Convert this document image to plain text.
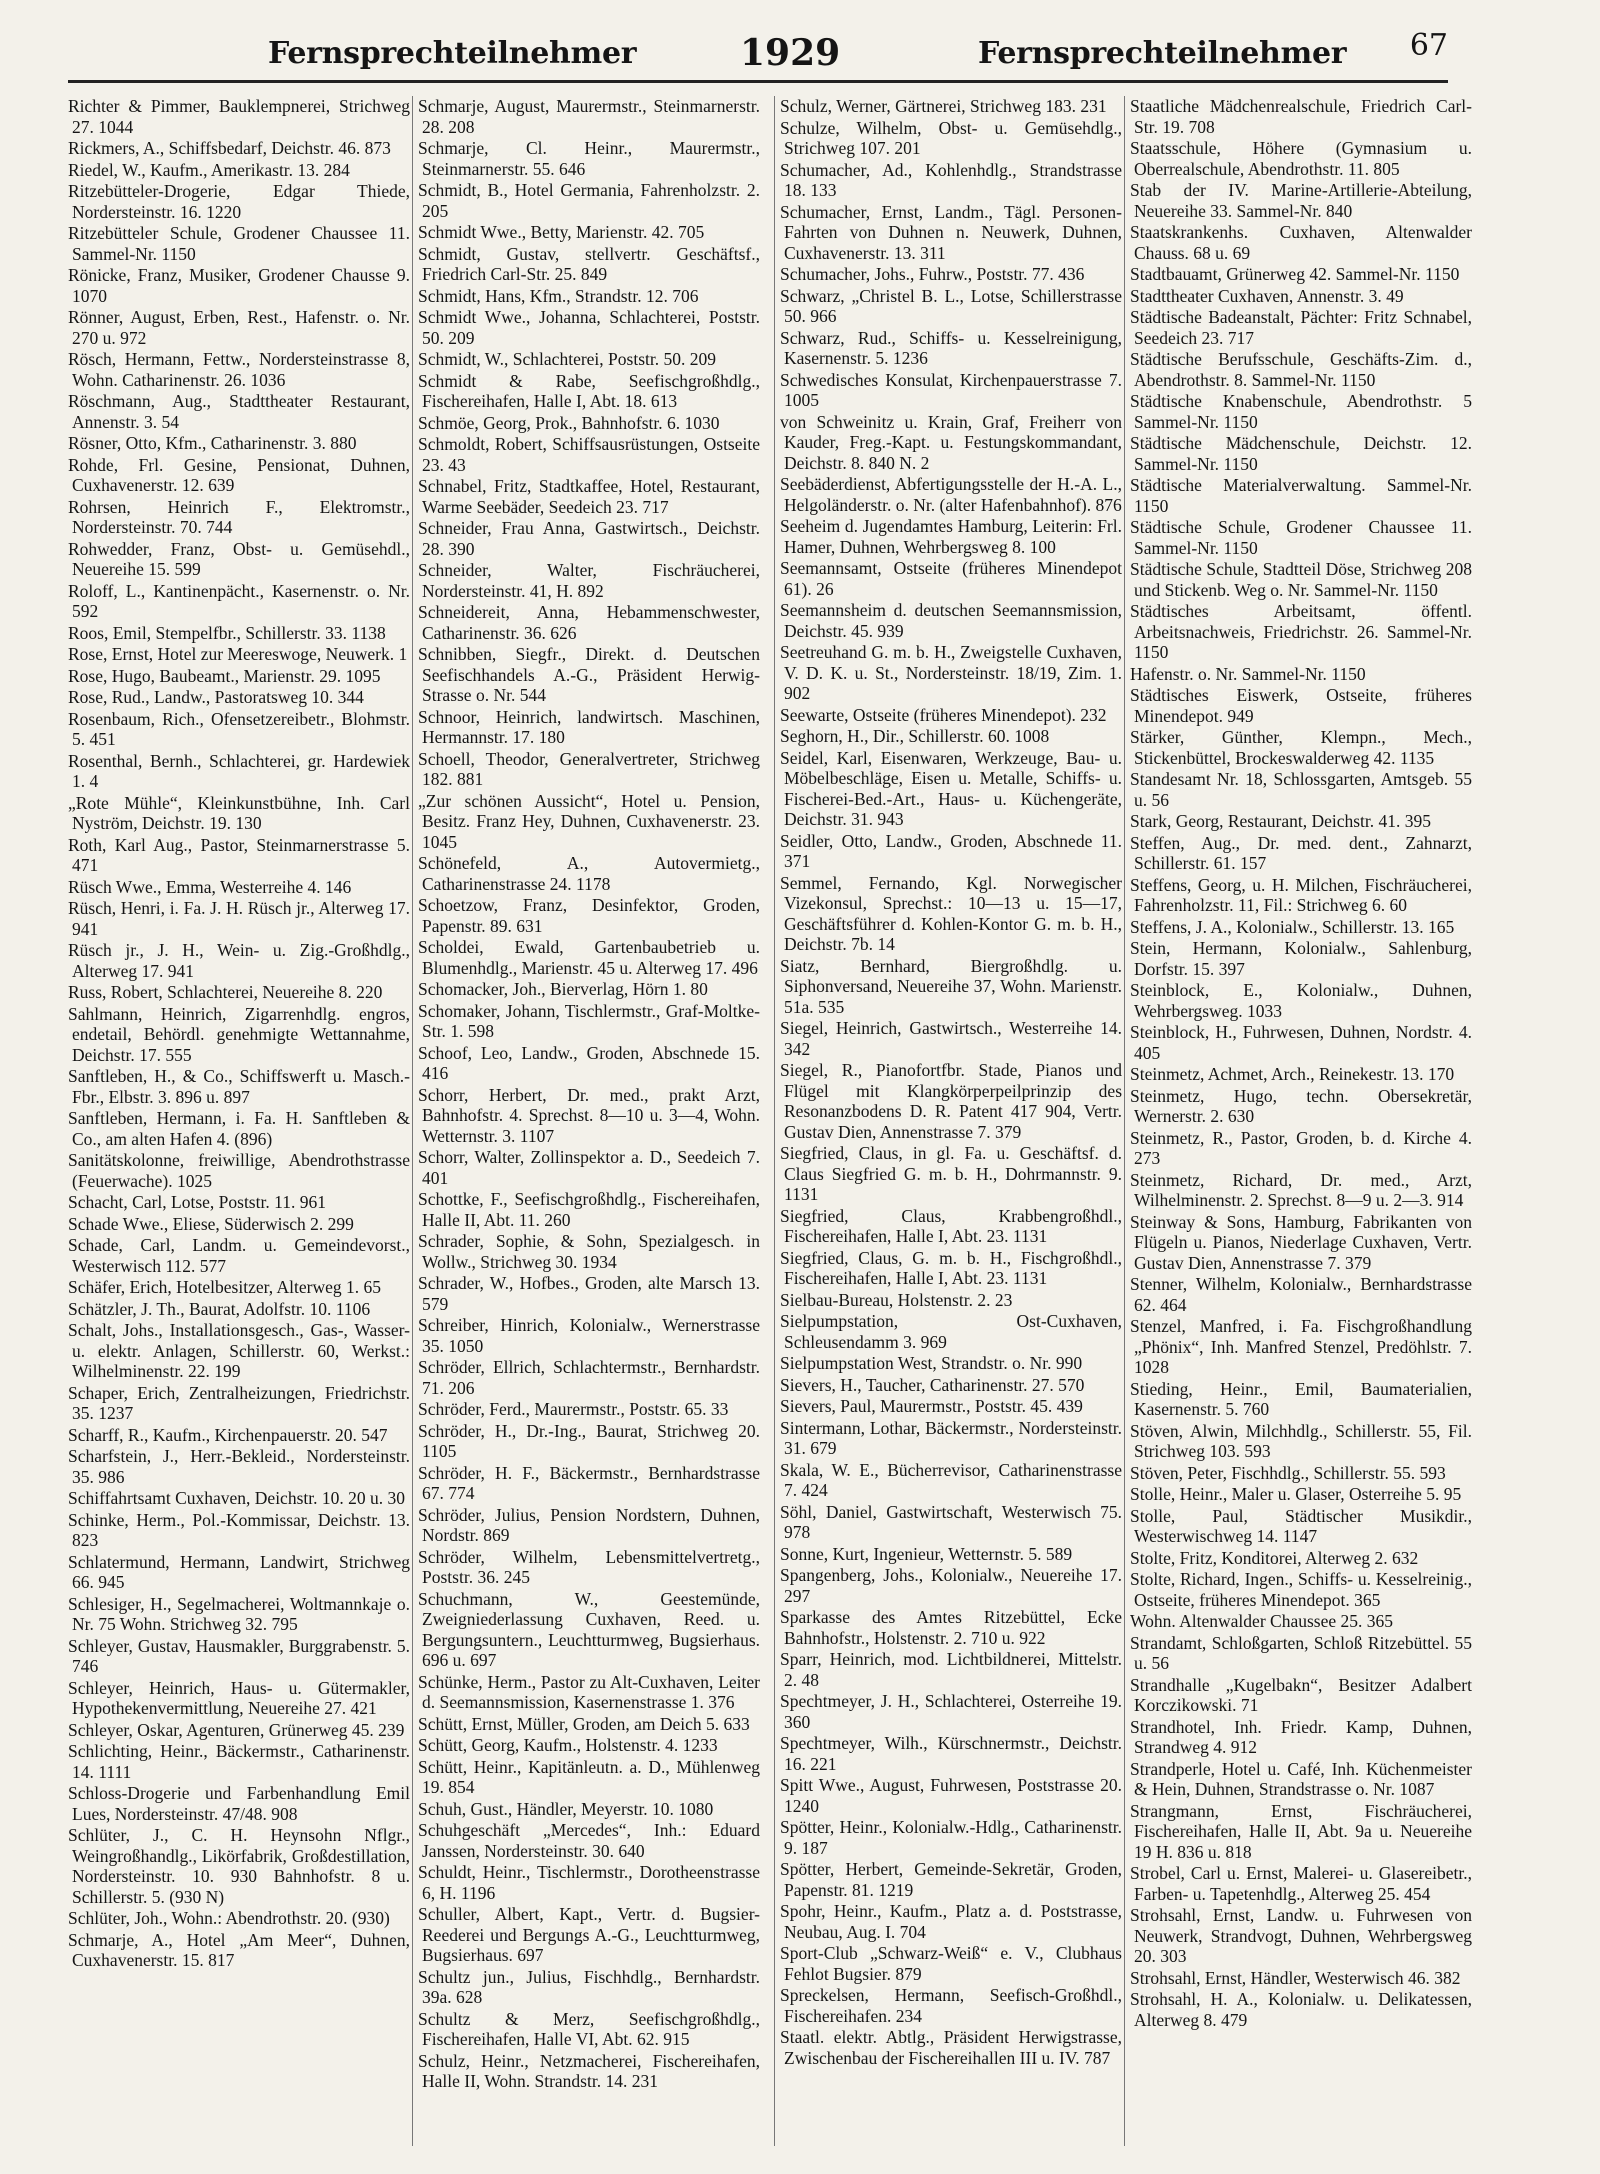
Fernsprechteilnehmer	1929	Fernsprechteilnehmer 67

Richter & Pimmer, Bauklempnerei, Strichweg 27. 1044

Rickmers, A., Schiffsbedarf, Deichstr. 46. 873

Riedel, W., Kaufm., Amerikastr. 13. 284

Ritzebütteler-Drogerie, Edgar Thiede, Nordersteinstr. 16. 1220

Ritzebütteler Schule, Grodener Chaussee 11. Sammel-Nr. 1150

Rönicke, Franz, Musiker, Grodener Chausse 9. 1070

Rönner, August, Erben, Rest., Hafenstr. o. Nr. 270 u. 972

Rösch, Hermann, Fettw., Nordersteinstrasse 8, Wohn. Catharinenstr. 26. 1036

Röschmann, Aug., Stadttheater Restaurant, Annenstr. 3. 54

Rösner, Otto, Kfm., Catharinenstr. 3. 880

Rohde, Frl. Gesine, Pensionat, Duhnen, Cuxhavenerstr. 12. 639

Rohrsen, Heinrich F., Elektromstr., Nordersteinstr. 70. 744

Rohwedder, Franz, Obst- u. Gemüsehdl., Neuereihe 15. 599

Roloff, L., Kantinenpächt., Kasernenstr. o. Nr. 592

Roos, Emil, Stempelfbr., Schillerstr. 33. 1138

Rose, Ernst, Hotel zur Meereswoge, Neuwerk. 1

Rose, Hugo, Baubeamt., Marienstr. 29. 1095

Rose, Rud., Landw., Pastoratsweg 10. 344

Rosenbaum, Rich., Ofensetzereibetr., Blohmstr. 5. 451

Rosenthal, Bernh., Schlachterei, gr. Hardewiek 1. 4

„Rote Mühle“, Kleinkunstbühne, Inh. Carl Nyström, Deichstr. 19. 130

Roth, Karl Aug., Pastor, Steinmarnerstrasse 5. 471

Rüsch Wwe., Emma, Westerreihe 4. 146

Rüsch, Henri, i. Fa. J. H. Rüsch jr., Alterweg 17. 941

Rüsch jr., J. H., Wein- u. Zig.-Großhdlg., Alterweg 17. 941

Russ, Robert, Schlachterei, Neuereihe 8. 220

Sahlmann, Heinrich, Zigarrenhdlg. engros, endetail, Behördl. genehmigte Wettannahme, Deichstr. 17. 555

Sanftleben, H., & Co., Schiffswerft u. Masch.-Fbr., Elbstr. 3. 896 u. 897

Sanftleben, Hermann, i. Fa. H. Sanftleben & Co., am alten Hafen 4. (896)

Sanitätskolonne, freiwillige, Abendrothstrasse (Feuerwache). 1025

Schacht, Carl, Lotse, Poststr. 11. 961

Schade Wwe., Eliese, Süderwisch 2. 299

Schade, Carl, Landm. u. Gemeindevorst., Westerwisch 112. 577

Schäfer, Erich, Hotelbesitzer, Alterweg 1. 65

Schätzler, J. Th., Baurat, Adolfstr. 10. 1106

Schalt, Johs., Installationsgesch., Gas-, Wasser- u. elektr. Anlagen, Schillerstr. 60, Werkst.: Wilhelminenstr. 22. 199

Schaper, Erich, Zentralheizungen, Friedrichstr. 35. 1237

Scharff, R., Kaufm., Kirchenpauerstr. 20. 547

Scharfstein, J., Herr.-Bekleid., Nordersteinstr. 35. 986

Schiffahrtsamt Cuxhaven, Deichstr. 10. 20 u. 30

Schinke, Herm., Pol.-Kommissar, Deichstr. 13. 823

Schlatermund, Hermann, Landwirt, Strichweg 66. 945

Schlesiger, H., Segelmacherei, Woltmannkaje o. Nr. 75 Wohn. Strichweg 32. 795

Schleyer, Gustav, Hausmakler, Burggrabenstr. 5. 746

Schleyer, Heinrich, Haus- u. Gütermakler, Hypothekenvermittlung, Neuereihe 27. 421

Schleyer, Oskar, Agenturen, Grünerweg 45. 239

Schlichting, Heinr., Bäckermstr., Catharinenstr. 14. 1111

Schloss-Drogerie und Farbenhandlung Emil Lues, Nordersteinstr. 47/48. 908

Schlüter, J., C. H. Heynsohn Nflgr., Weingroßhandlg., Likörfabrik, Großdestillation, Nordersteinstr. 10. 930 Bahnhofstr. 8 u. Schillerstr. 5. (930 N)

Schlüter, Joh., Wohn.: Abendrothstr. 20. (930)

Schmarje, A., Hotel „Am Meer“, Duhnen, Cuxhavenerstr. 15. 817

Schmarje, August, Maurermstr., Steinmarnerstr. 28. 208

Schmarje, Cl. Heinr., Maurermstr., Steinmarnerstr. 55. 646

Schmidt, B., Hotel Germania, Fahrenholzstr. 2. 205

Schmidt Wwe., Betty, Marienstr. 42. 705

Schmidt, Gustav, stellvertr. Geschäftsf., Friedrich Carl-Str. 25. 849

Schmidt, Hans, Kfm., Strandstr. 12. 706

Schmidt Wwe., Johanna, Schlachterei, Poststr. 50. 209

Schmidt, W., Schlachterei, Poststr. 50. 209

Schmidt & Rabe, Seefischgroßhdlg., Fischereihafen, Halle I, Abt. 18. 613

Schmöe, Georg, Prok., Bahnhofstr. 6. 1030

Schmoldt, Robert, Schiffsausrüstungen, Ostseite 23. 43

Schnabel, Fritz, Stadtkaffee, Hotel, Restaurant, Warme Seebäder, Seedeich 23. 717

Schneider, Frau Anna, Gastwirtsch., Deichstr. 28. 390

Schneider, Walter, Fischräucherei, Nordersteinstr. 41, H. 892

Schneidereit, Anna, Hebammenschwester, Catharinenstr. 36. 626

Schnibben, Siegfr., Direkt. d. Deutschen Seefischhandels A.-G., Präsident Herwig-Strasse o. Nr. 544

Schnoor, Heinrich, landwirtsch. Maschinen, Hermannstr. 17. 180

Schoell, Theodor, Generalvertreter, Strichweg 182. 881

„Zur schönen Aussicht“, Hotel u. Pension, Besitz. Franz Hey, Duhnen, Cuxhavenerstr. 23. 1045

Schönefeld, A., Autovermietg., Catharinenstrasse 24. 1178

Schoetzow, Franz, Desinfektor, Groden, Papenstr. 89. 631

Scholdei, Ewald, Gartenbaubetrieb u. Blumenhdlg., Marienstr. 45 u. Alterweg 17. 496

Schomacker, Joh., Bierverlag, Hörn 1. 80

Schomaker, Johann, Tischlermstr., Graf-Moltke-Str. 1. 598

Schoof, Leo, Landw., Groden, Abschnede 15. 416

Schorr, Herbert, Dr. med., prakt Arzt, Bahnhofstr. 4. Sprechst. 8—10 u. 3—4, Wohn. Wetternstr. 3. 1107

Schorr, Walter, Zollinspektor a. D., Seedeich 7. 401

Schottke, F., Seefischgroßhdlg., Fischereihafen, Halle II, Abt. 11. 260

Schrader, Sophie, & Sohn, Spezialgesch. in Wollw., Strichweg 30. 1934

Schrader, W., Hofbes., Groden, alte Marsch 13. 579

Schreiber, Hinrich, Kolonialw., Wernerstrasse 35. 1050

Schröder, Ellrich, Schlachtermstr., Bernhardstr. 71. 206

Schröder, Ferd., Maurermstr., Poststr. 65. 33

Schröder, H., Dr.-Ing., Baurat, Strichweg 20. 1105

Schröder, H. F., Bäckermstr., Bernhardstrasse 67. 774

Schröder, Julius, Pension Nordstern, Duhnen, Nordstr. 869

Schröder, Wilhelm, Lebensmittelvertretg., Poststr. 36. 245

Schuchmann, W., Geestemünde, Zweigniederlassung Cuxhaven, Reed. u. Bergungsuntern., Leuchtturmweg, Bugsierhaus. 696 u. 697

Schünke, Herm., Pastor zu Alt-Cuxhaven, Leiter d. Seemannsmission, Kasernenstrasse 1. 376

Schütt, Ernst, Müller, Groden, am Deich 5. 633

Schütt, Georg, Kaufm., Holstenstr. 4. 1233

Schütt, Heinr., Kapitänleutn. a. D., Mühlenweg 19. 854

Schuh, Gust., Händler, Meyerstr. 10. 1080

Schuhgeschäft „Mercedes“, Inh.: Eduard Janssen, Nordersteinstr. 30. 640

Schuldt, Heinr., Tischlermstr., Dorotheenstrasse 6, H. 1196

Schuller, Albert, Kapt., Vertr. d. Bugsier-Reederei und Bergungs A.-G., Leuchtturmweg, Bugsierhaus. 697

Schultz jun., Julius, Fischhdlg., Bernhardstr. 39a. 628

Schultz & Merz, Seefischgroßhdlg., Fischereihafen, Halle VI, Abt. 62. 915

Schulz, Heinr., Netzmacherei, Fischereihafen, Halle II, Wohn. Strandstr. 14. 231

Schulz, Werner, Gärtnerei, Strichweg 183. 231

Schulze, Wilhelm, Obst- u. Gemüsehdlg., Strichweg 107. 201

Schumacher, Ad., Kohlenhdlg., Strandstrasse 18. 133

Schumacher, Ernst, Landm., Tägl. Personen-Fahrten von Duhnen n. Neuwerk, Duhnen, Cuxhavenerstr. 13. 311

Schumacher, Johs., Fuhrw., Poststr. 77. 436

Schwarz, „Christel B. L., Lotse, Schillerstrasse 50. 966

Schwarz, Rud., Schiffs- u. Kesselreinigung, Kasernenstr. 5. 1236

Schwedisches Konsulat, Kirchenpauerstrasse 7. 1005

von Schweinitz u. Krain, Graf, Freiherr von Kauder, Freg.-Kapt. u. Festungskommandant, Deichstr. 8. 840 N. 2

Seebäderdienst, Abfertigungsstelle der H.-A. L., Helgoländerstr. o. Nr. (alter Hafenbahnhof). 876

Seeheim d. Jugendamtes Hamburg, Leiterin: Frl. Hamer, Duhnen, Wehrbergsweg 8. 100

Seemannsamt, Ostseite (früheres Minendepot 61). 26

Seemannsheim d. deutschen Seemannsmission, Deichstr. 45. 939

Seetreuhand G. m. b. H., Zweigstelle Cuxhaven, V. D. K. u. St., Nordersteinstr. 18/19, Zim. 1. 902

Seewarte, Ostseite (früheres Minendepot). 232

Seghorn, H., Dir., Schillerstr. 60. 1008

Seidel, Karl, Eisenwaren, Werkzeuge, Bau- u. Möbelbeschläge, Eisen u. Metalle, Schiffs- u. Fischerei-Bed.-Art., Haus- u. Küchengeräte, Deichstr. 31. 943

Seidler, Otto, Landw., Groden, Abschnede 11. 371

Semmel, Fernando, Kgl. Norwegischer Vizekonsul, Sprechst.: 10—13 u. 15—17, Geschäftsführer d. Kohlen-Kontor G. m. b. H., Deichstr. 7b. 14

Siatz, Bernhard, Biergroßhdlg. u. Siphonversand, Neuereihe 37, Wohn. Marienstr. 51a. 535

Siegel, Heinrich, Gastwirtsch., Westerreihe 14. 342

Siegel, R., Pianofortfbr. Stade, Pianos und Flügel mit Klangkörperpeilprinzip des Resonanzbodens D. R. Patent 417 904, Vertr. Gustav Dien, Annenstrasse 7. 379

Siegfried, Claus, in gl. Fa. u. Geschäftsf. d. Claus Siegfried G. m. b. H., Dohrmannstr. 9. 1131

Siegfried, Claus, Krabbengroßhdl., Fischereihafen, Halle I, Abt. 23. 1131

Siegfried, Claus, G. m. b. H., Fischgroßhdl., Fischereihafen, Halle I, Abt. 23. 1131

Sielbau-Bureau, Holstenstr. 2. 23

Sielpumpstation, Ost-Cuxhaven, Schleusendamm 3. 969

Sielpumpstation West, Strandstr. o. Nr. 990

Sievers, H., Taucher, Catharinenstr. 27. 570

Sievers, Paul, Maurermstr., Poststr. 45. 439

Sintermann, Lothar, Bäckermstr., Nordersteinstr. 31. 679

Skala, W. E., Bücherrevisor, Catharinenstrasse 7. 424

Söhl, Daniel, Gastwirtschaft, Westerwisch 75. 978

Sonne, Kurt, Ingenieur, Wetternstr. 5. 589

Spangenberg, Johs., Kolonialw., Neuereihe 17. 297

Sparkasse des Amtes Ritzebüttel, Ecke Bahnhofstr., Holstenstr. 2. 710 u. 922

Sparr, Heinrich, mod. Lichtbildnerei, Mittelstr. 2. 48

Spechtmeyer, J. H., Schlachterei, Osterreihe 19. 360

Spechtmeyer, Wilh., Kürschnermstr., Deichstr. 16. 221

Spitt Wwe., August, Fuhrwesen, Poststrasse 20. 1240

Spötter, Heinr., Kolonialw.-Hdlg., Catharinenstr. 9. 187

Spötter, Herbert, Gemeinde-Sekretär, Groden, Papenstr. 81. 1219

Spohr, Heinr., Kaufm., Platz a. d. Poststrasse, Neubau, Aug. I. 704

Sport-Club „Schwarz-Weiß“ e. V., Clubhaus Fehlot Bugsier. 879

Spreckelsen, Hermann, Seefisch-Großhdl., Fischereihafen. 234

Staatl. elektr. Abtlg., Präsident Herwigstrasse, Zwischenbau der Fischereihallen III u. IV. 787

Staatliche Mädchenrealschule, Friedrich Carl-Str. 19. 708

Staatsschule, Höhere (Gymnasium u. Oberrealschule, Abendrothstr. 11. 805

Stab der IV. Marine-Artillerie-Abteilung, Neuereihe 33. Sammel-Nr. 840

Staatskrankenhs. Cuxhaven, Altenwalder Chauss. 68 u. 69

Stadtbauamt, Grünerweg 42. Sammel-Nr. 1150

Stadttheater Cuxhaven, Annenstr. 3. 49

Städtische Badeanstalt, Pächter: Fritz Schnabel, Seedeich 23. 717

Städtische Berufsschule, Geschäfts-Zim. d., Abendrothstr. 8. Sammel-Nr. 1150

Städtische Knabenschule, Abendrothstr. 5 Sammel-Nr. 1150

Städtische Mädchenschule, Deichstr. 12. Sammel-Nr. 1150

Städtische Materialverwaltung. Sammel-Nr. 1150

Städtische Schule, Grodener Chaussee 11. Sammel-Nr. 1150

Städtische Schule, Stadtteil Döse, Strichweg 208 und Stickenb. Weg o. Nr. Sammel-Nr. 1150

Städtisches Arbeitsamt, öffentl. Arbeitsnachweis, Friedrichstr. 26. Sammel-Nr. 1150

Hafenstr. o. Nr. Sammel-Nr. 1150

Städtisches Eiswerk, Ostseite, früheres Minendepot. 949

Stärker, Günther, Klempn., Mech., Stickenbüttel, Brockeswalderweg 42. 1135

Standesamt Nr. 18, Schlossgarten, Amtsgeb. 55 u. 56

Stark, Georg, Restaurant, Deichstr. 41. 395

Steffen, Aug., Dr. med. dent., Zahnarzt, Schillerstr. 61. 157

Steffens, Georg, u. H. Milchen, Fischräucherei, Fahrenholzstr. 11, Fil.: Strichweg 6. 60

Steffens, J. A., Kolonialw., Schillerstr. 13. 165

Stein, Hermann, Kolonialw., Sahlenburg, Dorfstr. 15. 397

Steinblock, E., Kolonialw., Duhnen, Wehrbergsweg. 1033

Steinblock, H., Fuhrwesen, Duhnen, Nordstr. 4. 405

Steinmetz, Achmet, Arch., Reinekestr. 13. 170

Steinmetz, Hugo, techn. Obersekretär, Wernerstr. 2. 630

Steinmetz, R., Pastor, Groden, b. d. Kirche 4. 273

Steinmetz, Richard, Dr. med., Arzt, Wilhelminenstr. 2. Sprechst. 8—9 u. 2—3. 914

Steinway & Sons, Hamburg, Fabrikanten von Flügeln u. Pianos, Niederlage Cuxhaven, Vertr. Gustav Dien, Annenstrasse 7. 379

Stenner, Wilhelm, Kolonialw., Bernhardstrasse 62. 464

Stenzel, Manfred, i. Fa. Fischgroßhandlung „Phönix“, Inh. Manfred Stenzel, Predöhlstr. 7. 1028

Stieding, Heinr., Emil, Baumaterialien, Kasernenstr. 5. 760

Stöven, Alwin, Milchhdlg., Schillerstr. 55, Fil. Strichweg 103. 593

Stöven, Peter, Fischhdlg., Schillerstr. 55. 593

Stolle, Heinr., Maler u. Glaser, Osterreihe 5. 95

Stolle, Paul, Städtischer Musikdir., Westerwischweg 14. 1147

Stolte, Fritz, Konditorei, Alterweg 2. 632

Stolte, Richard, Ingen., Schiffs- u. Kesselreinig., Ostseite, früheres Minendepot. 365

Wohn. Altenwalder Chaussee 25. 365

Strandamt, Schloßgarten, Schloß Ritzebüttel. 55 u. 56

Strandhalle „Kugelbakn“, Besitzer Adalbert Korczikowski. 71

Strandhotel, Inh. Friedr. Kamp, Duhnen, Strandweg 4. 912

Strandperle, Hotel u. Café, Inh. Küchenmeister & Hein, Duhnen, Strandstrasse o. Nr. 1087

Strangmann, Ernst, Fischräucherei, Fischereihafen, Halle II, Abt. 9a u. Neuereihe 19 H. 836 u. 818

Strobel, Carl u. Ernst, Malerei- u. Glasereibetr., Farben- u. Tapetenhdlg., Alterweg 25. 454

Strohsahl, Ernst, Landw. u. Fuhrwesen von Neuwerk, Strandvogt, Duhnen, Wehrbergsweg 20. 303

Strohsahl, Ernst, Händler, Westerwisch 46. 382

Strohsahl, H. A., Kolonialw. u. Delikatessen, Alterweg 8. 479
